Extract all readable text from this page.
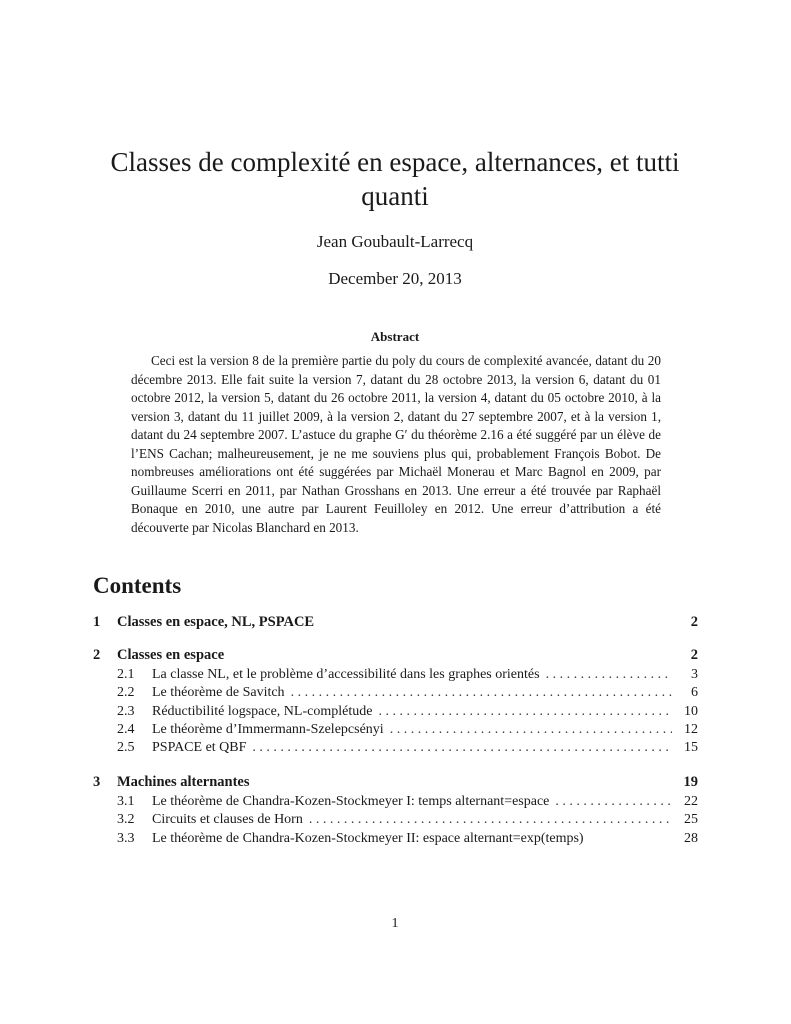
Classes de complexité en espace, alternances, et tutti quanti
Jean Goubault-Larrecq
December 20, 2013
Abstract
Ceci est la version 8 de la première partie du poly du cours de complexité avancée, datant du 20 décembre 2013. Elle fait suite la version 7, datant du 28 octobre 2013, la version 6, datant du 01 octobre 2012, la version 5, datant du 26 octobre 2011, la version 4, datant du 05 octobre 2010, à la version 3, datant du 11 juillet 2009, à la version 2, datant du 27 septembre 2007, et à la version 1, datant du 24 septembre 2007. L’astuce du graphe G′ du théorème 2.16 a été suggéré par un élève de l’ENS Cachan; malheureusement, je ne me souviens plus qui, probablement François Bobot. De nombreuses améliorations ont été suggérées par Michaël Monerau et Marc Bagnol en 2009, par Guillaume Scerri en 2011, par Nathan Grosshans en 2013. Une erreur a été trouvée par Raphaël Bonaque en 2010, une autre par Laurent Feuilloley en 2012. Une erreur d’attribution a été découverte par Nicolas Blanchard en 2013.
Contents
1	Classes en espace, NL, PSPACE	2
2	Classes en espace	2
2.1	La classe NL, et le problème d’accessibilité dans les graphes orientés . . .	3
2.2	Le théorème de Savitch . . .	6
2.3	Réductibilité logspace, NL-complétude . . .	10
2.4	Le théorème d’Immermann-Szelepcsényi . . .	12
2.5	PSPACE et QBF . . .	15
3	Machines alternantes	19
3.1	Le théorème de Chandra-Kozen-Stockmeyer I: temps alternant=espace . . .	22
3.2	Circuits et clauses de Horn . . .	25
3.3	Le théorème de Chandra-Kozen-Stockmeyer II: espace alternant=exp(temps)	28
1
